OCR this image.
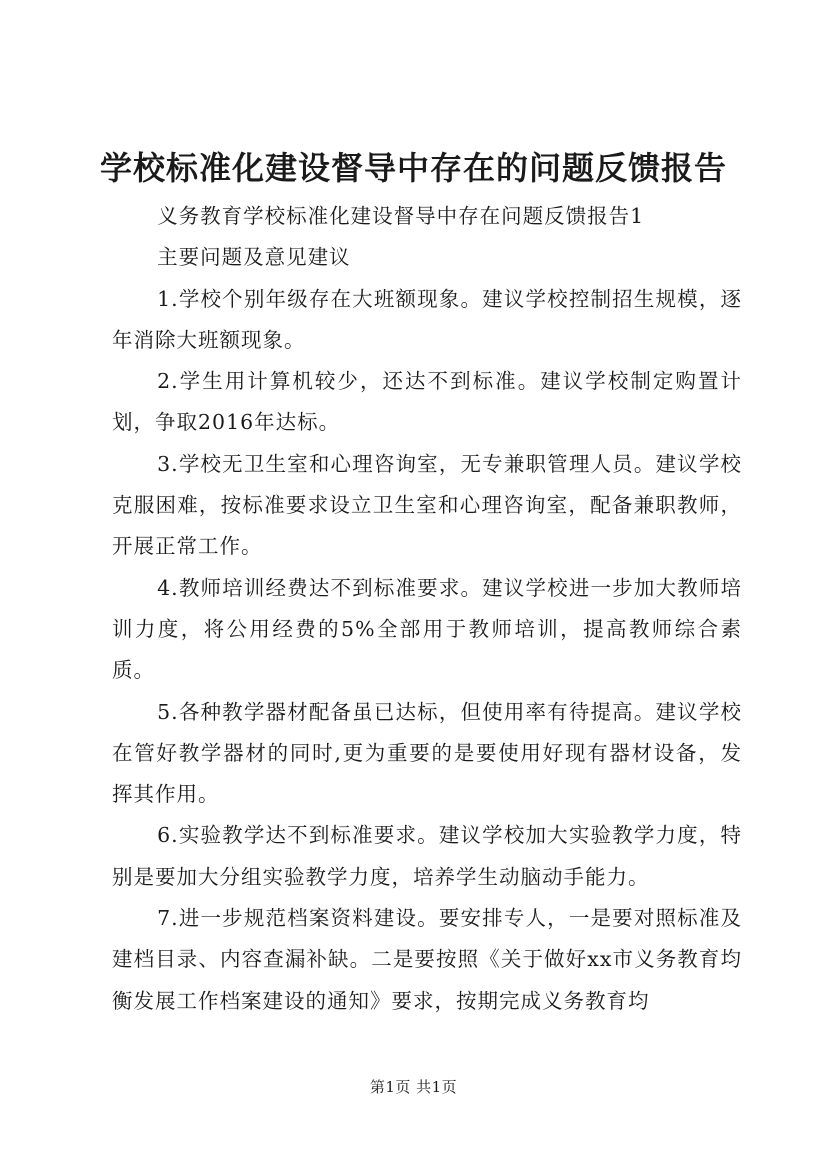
学校标准化建设督导中存在的问题反馈报告

义务教育学校标准化建设督导中存在问题反馈报告1

主要问题及意见建议

1.学校个别年级存在大班额现象。建议学校控制招生规模，逐年消除大班额现象。

2.学生用计算机较少，还达不到标准。建议学校制定购置计划，争取2016年达标。

3.学校无卫生室和心理咨询室，无专兼职管理人员。建议学校克服困难，按标准要求设立卫生室和心理咨询室，配备兼职教师，开展正常工作。

4.教师培训经费达不到标准要求。建议学校进一步加大教师培训力度，将公用经费的5%全部用于教师培训，提高教师综合素质。

5.各种教学器材配备虽已达标，但使用率有待提高。建议学校在管好教学器材的同时,更为重要的是要使用好现有器材设备，发挥其作用。

6.实验教学达不到标准要求。建议学校加大实验教学力度，特别是要加大分组实验教学力度，培养学生动脑动手能力。

7.进一步规范档案资料建设。要安排专人，一是要对照标准及建档目录、内容查漏补缺。二是要按照《关于做好xx市义务教育均衡发展工作档案建设的通知》要求，按期完成义务教育均

第1页 共1页
